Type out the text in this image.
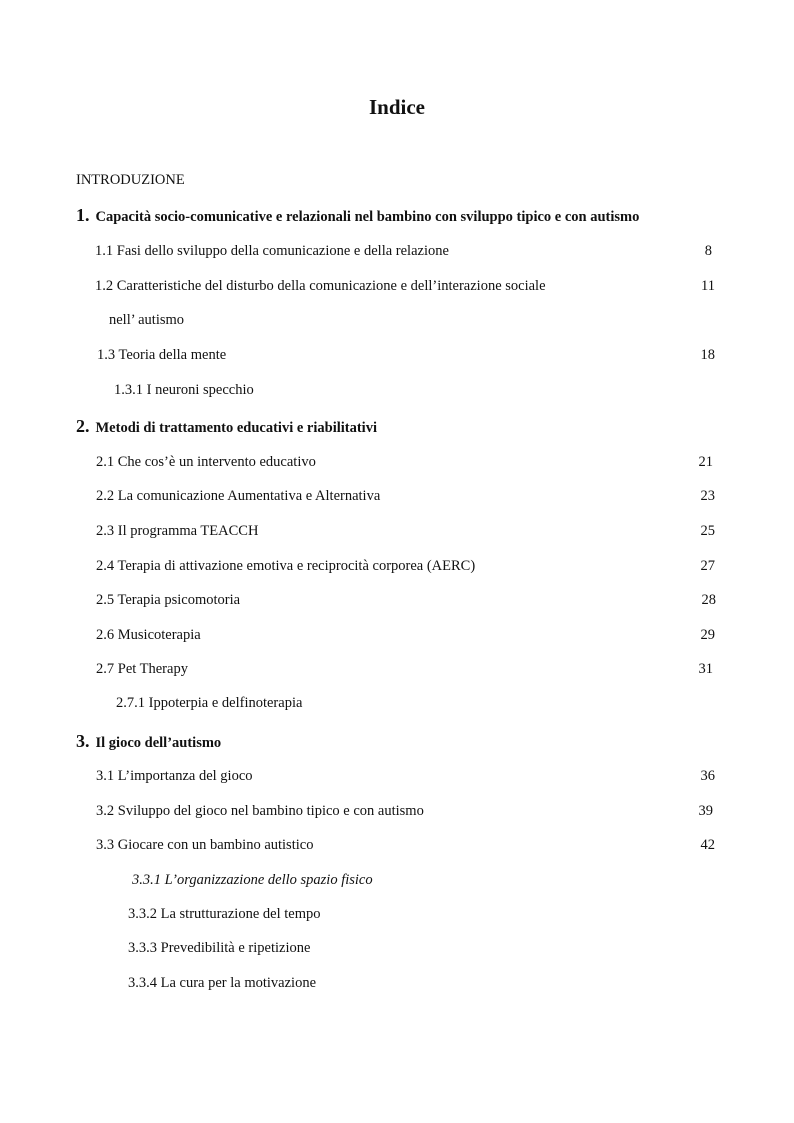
Indice
INTRODUZIONE
1. Capacità socio-comunicative e relazionali nel bambino con sviluppo tipico e con autismo
1.1 Fasi dello sviluppo della comunicazione e della relazione	8
1.2 Caratteristiche del disturbo della comunicazione e dell’interazione sociale	11
nell’ autismo
1.3 Teoria della mente	18
1.3.1 I neuroni specchio
2. Metodi di trattamento educativi e riabilitativi
2.1 Che cos’è un intervento educativo	21
2.2 La comunicazione Aumentativa e Alternativa	23
2.3 Il programma TEACCH	25
2.4 Terapia di attivazione emotiva e reciprocità corporea (AERC)	27
2.5 Terapia psicomotoria	28
2.6 Musicoterapia	29
2.7 Pet Therapy	31
2.7.1 Ippoterpia e delfinoterapia
3. Il gioco dell’autismo
3.1 L’importanza del gioco	36
3.2 Sviluppo del gioco nel bambino tipico e con autismo	39
3.3 Giocare con un bambino autistico	42
3.3.1 L’organizzazione dello spazio fisico
3.3.2 La strutturazione del tempo
3.3.3 Prevedibilità e ripetizione
3.3.4 La cura per la motivazione
